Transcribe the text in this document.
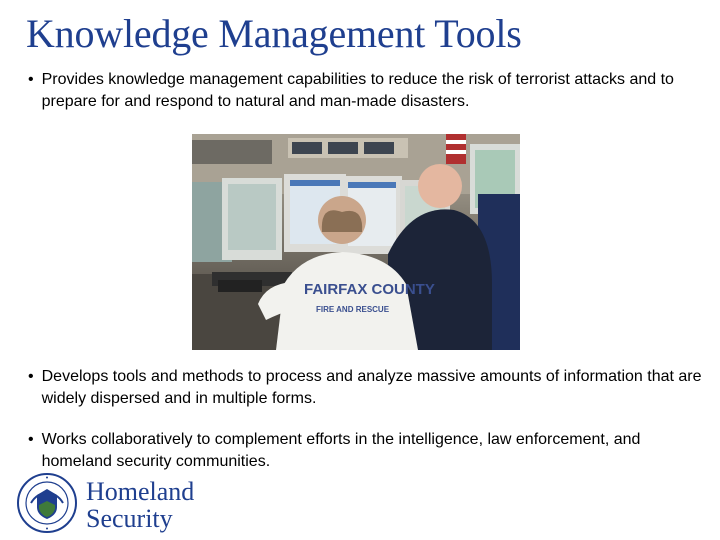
Knowledge Management Tools
• Provides knowledge management capabilities to reduce the risk of terrorist attacks and to prepare for and respond to natural and man-made disasters.
FAIRFAX COUNTY
FIRE AND RESCUE
• Develops tools and methods to process and analyze massive amounts of information that are widely dispersed and in multiple forms.
• Works collaboratively to complement efforts in the intelligence, law enforcement, and homeland security communities.
Homeland
Security
